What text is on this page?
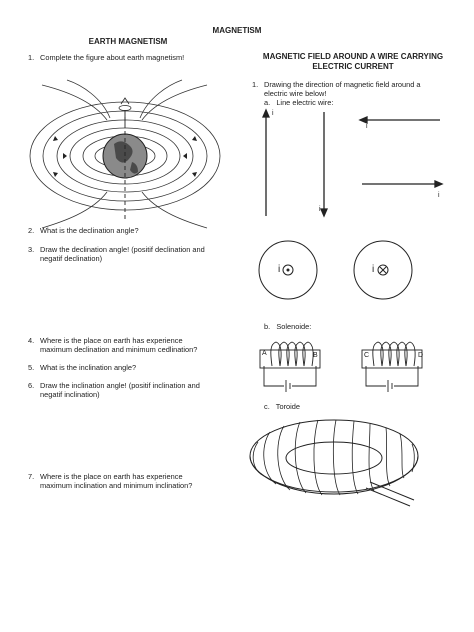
MAGNETISM
EARTH MAGNETISM
MAGNETIC FIELD AROUND A WIRE CARRYING
ELECTRIC CURRENT
1. Complete the figure about earth magnetism!
2. What is the declination angle?
3. Draw the declination angle! (positif declination and
negatif declination)
4. Where is the place on earth has experience
maximum declination and minimum cedlination?
5. What is the inclination angle?
6. Draw the inclination angle! (positif inclination and
negatif inclination)
7. Where is the place on earth has experience
maximum inclination and minimum inclination?
1. Drawing the direction of magnetic field around a
electric wire below!
a.   Line electric wire:
i
i
i
i
i	i
b.   Solenoide:
A	B	C	D
c.   Toroide
